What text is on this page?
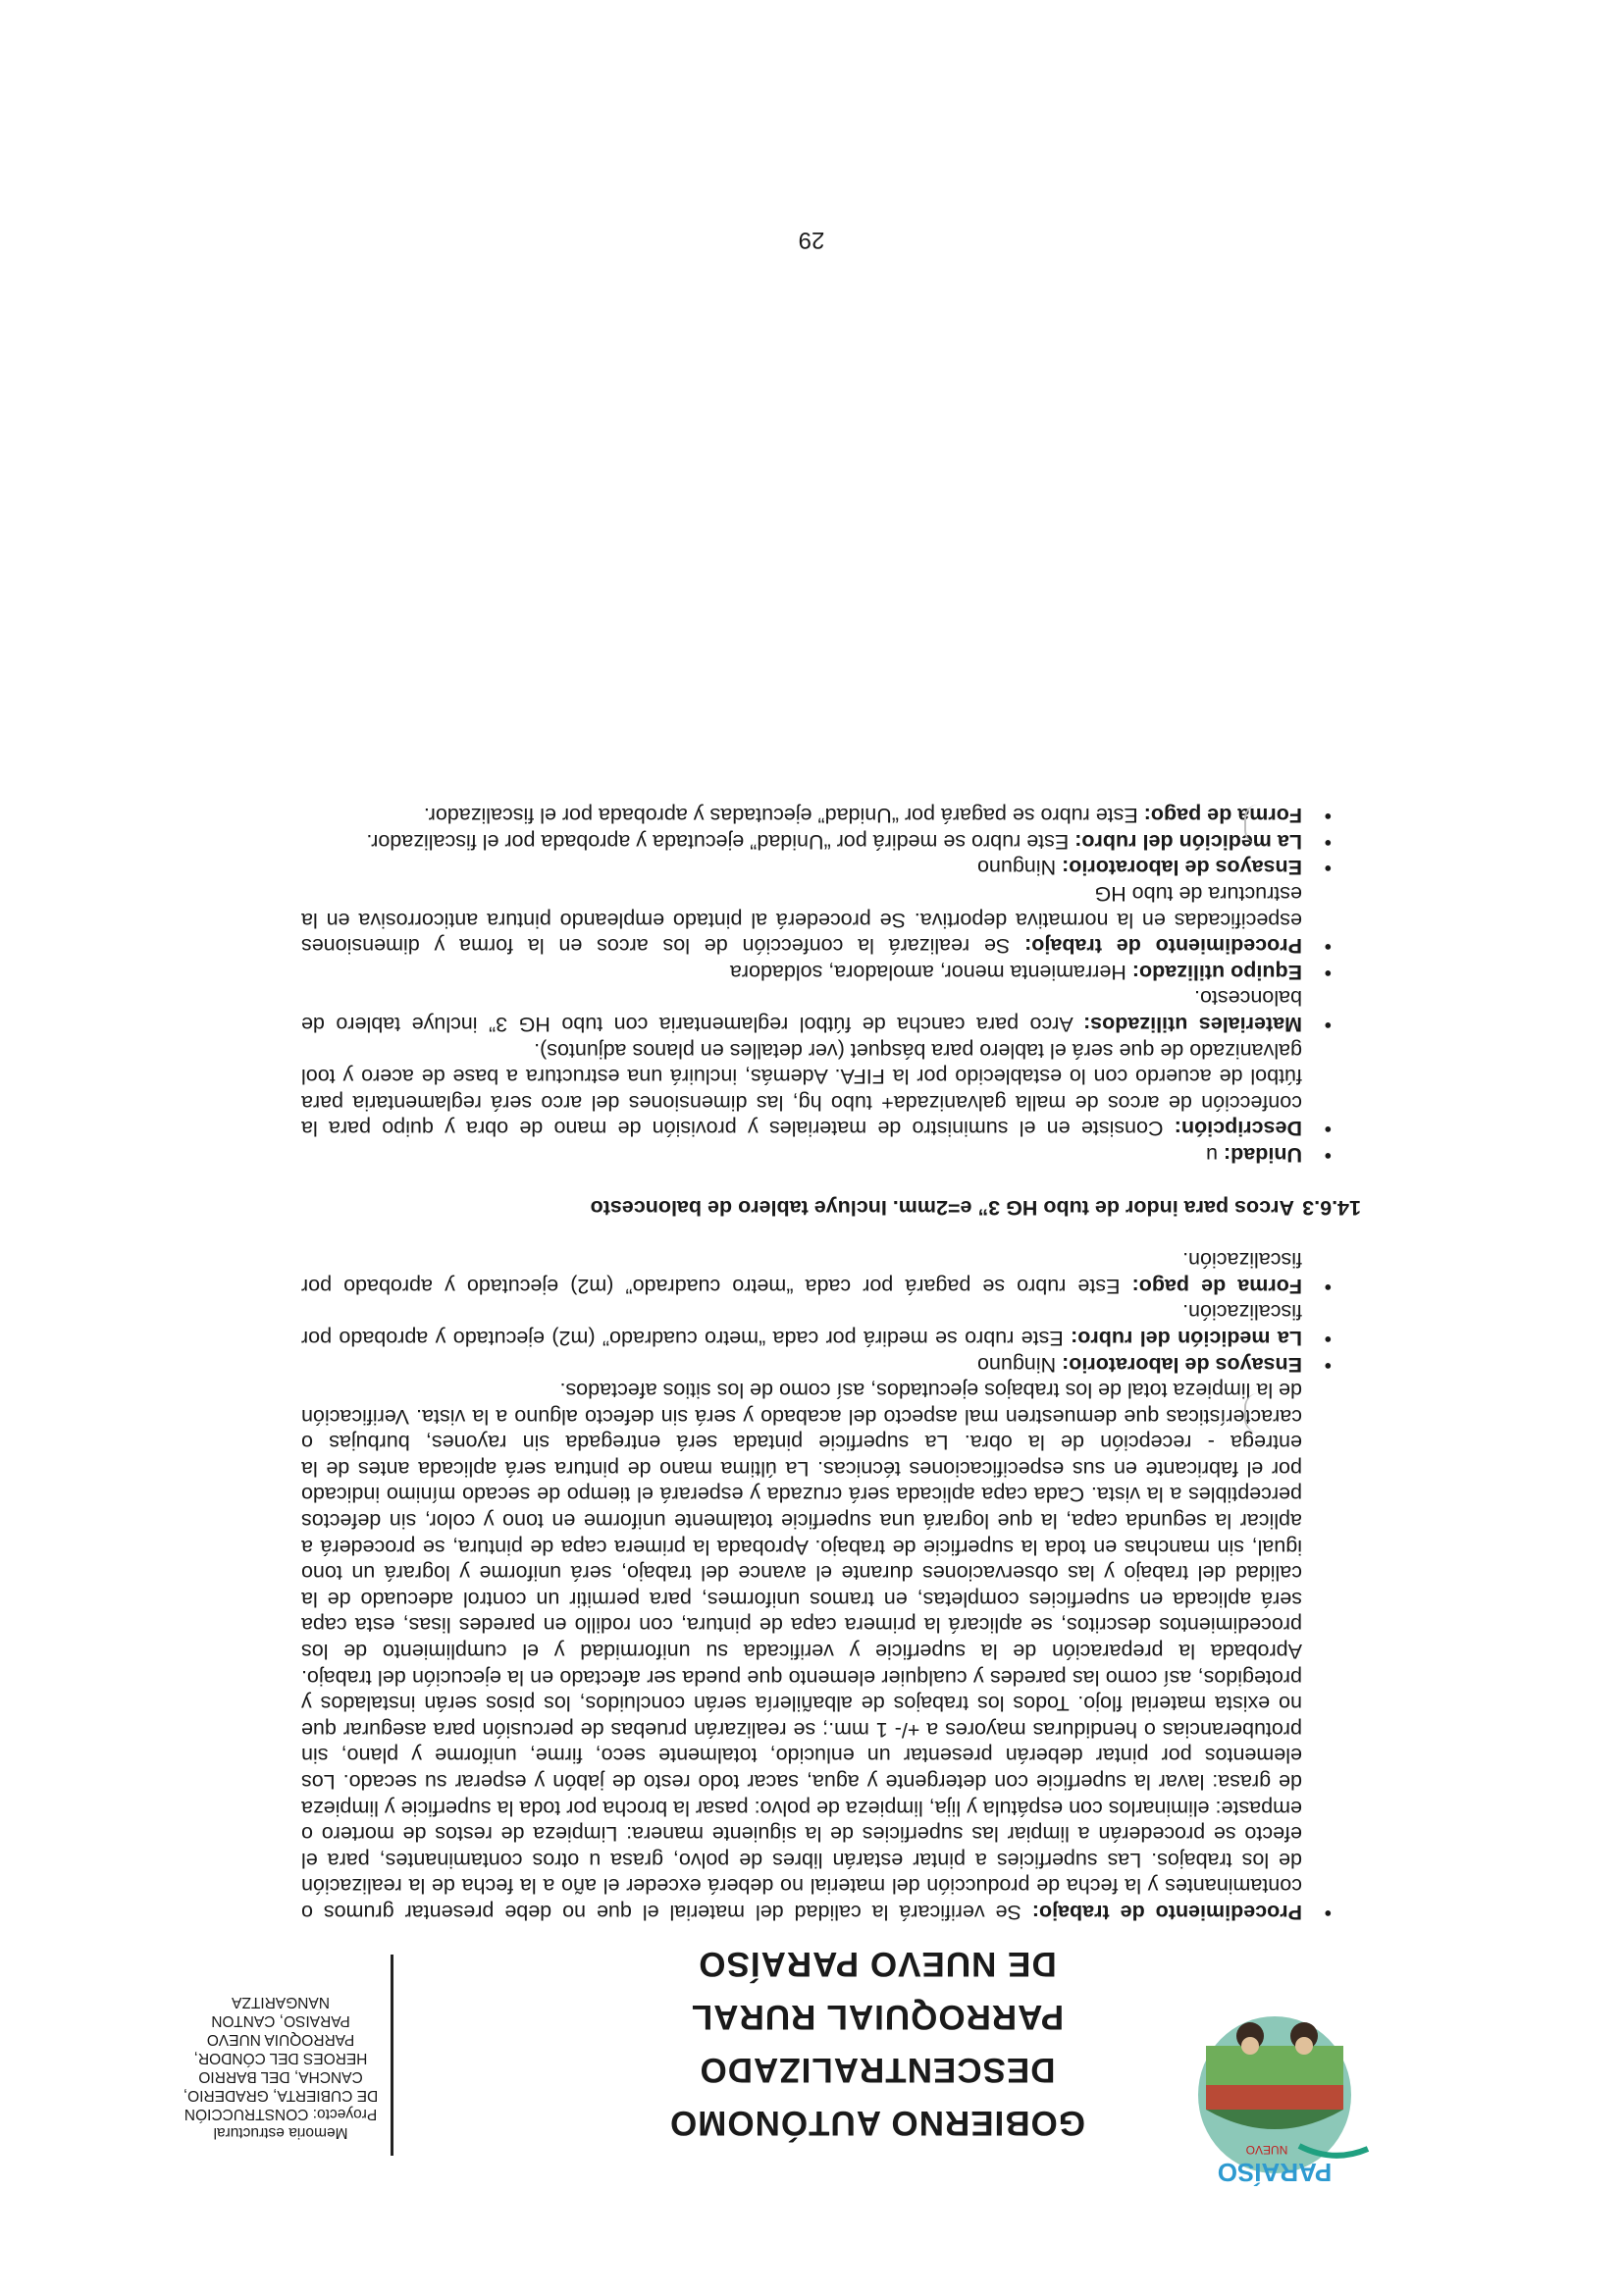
PARAÍSO
NUEVO
GOBIERNO AUTÓNOMO
DESCENTRALIZADO PARROQUIAL RURAL
DE NUEVO PARAÍSO

Memoria estructural

Proyecto: CONSTRUCCIÓN

DE CUBIERTA, GRADERIO,

CANCHA, DEL BARRIO

HEROES DEL CÓNDOR,

PARROQUIA NUEVO

PARAISO, CANTON

NANGARITZA

•
Procedimiento de trabajo: Se verificará la calidad del material el que no debe presentar grumos o contaminantes y la fecha de producción del material no deberá exceder el año a la fecha de la realización de los trabajos. Las superficies a pintar estarán libres de polvo, grasa u otros contaminantes, para el efecto se procederán a limpiar las superficies de la siguiente manera: Limpieza de restos de mortero o empaste: eliminarlos con espátula y lija, limpieza de polvo: pasar la brocha por toda la superficie y limpieza de grasa: lavar la superficie con detergente y agua, sacar todo resto de jabón y esperar su secado. Los elementos por pintar deberán presentar un enlucido, totalmente seco, firme, uniforme y plano, sin protuberancias o hendiduras mayores a +/- 1 mm.; se realizarán pruebas de percusión para asegurar que no exista material flojo. Todos los trabajos de albañilería serán concluidos, los pisos serán instalados y protegidos, así como las paredes y cualquier elemento que pueda ser afectado en la ejecución del trabajo. Aprobada la preparación de la superficie y verificada su uniformidad y el cumplimiento de los procedimientos descritos, se aplicará la primera capa de pintura, con rodillo en paredes lisas, esta capa será aplicada en superficies completas, en tramos uniformes, para permitir un control adecuado de la calidad del trabajo y las observaciones durante el avance del trabajo, será uniforme y logrará un tono igual, sin manchas en toda la superficie de trabajo. Aprobada la primera capa de pintura, se procederá a aplicar la segunda capa, la que logrará una superficie totalmente uniforme en tono y color, sin defectos perceptibles a la vista. Cada capa aplicada será cruzada y esperará el tiempo de secado mínimo indicado por el fabricante en sus especificaciones técnicas. La última mano de pintura será aplicada antes de la entrega - recepción de la obra. La superficie pintada será entregada sin rayones, burbujas o características que demuestren mal aspecto del acabado y será sin defecto alguno a la vista. Verificación de la limpieza total de los trabajos ejecutados, así como de los sitios afectados.
•
Ensayos de laboratorio: Ninguno
•
La medición del rubro: Este rubro se medirá por cada “metro cuadrado” (m2) ejecutado y aprobado por fiscalización.
•
Forma de pago: Este rubro se pagará por cada “metro cuadrado” (m2) ejecutado y aprobado por fiscalización.
14.6.3
Arcos para indor de tubo HG 3” e=2mm. Incluye tablero de baloncesto
•
Unidad: u
•
Descripción: Consiste en el suministro de materiales y provisión de mano de obra y quipo para la confección de arcos de malla galvanizada+ tubo hg, las dimensiones del arco será reglamentaria para fútbol de acuerdo con lo establecido por la FIFA. Además, incluirá una estructura a base de acero y tool galvanizado de que será el tablero para básquet (ver detalles en planos adjuntos).
•
Materiales utilizados: Arco para cancha de fútbol reglamentaria con tubo HG 3” incluye tablero de baloncesto.
•
Equipo utilizado: Herramienta menor, amoladora, soldadora
•
Procedimiento de trabajo: Se realizará la confección de los arcos en la forma y dimensiones especificadas en la normativa deportiva. Se procederá al pintado empleando pintura anticorrosiva en la estructura de tubo HG
•
Ensayos de laboratorio: Ninguno
•
La medición del rubro: Este rubro se medirá por “Unidad” ejecutada y aprobada por el fiscalizador.
•
Forma de pago: Este rubro se pagará por “Unidad” ejecutadas y aprobada por el fiscalizador.
29
